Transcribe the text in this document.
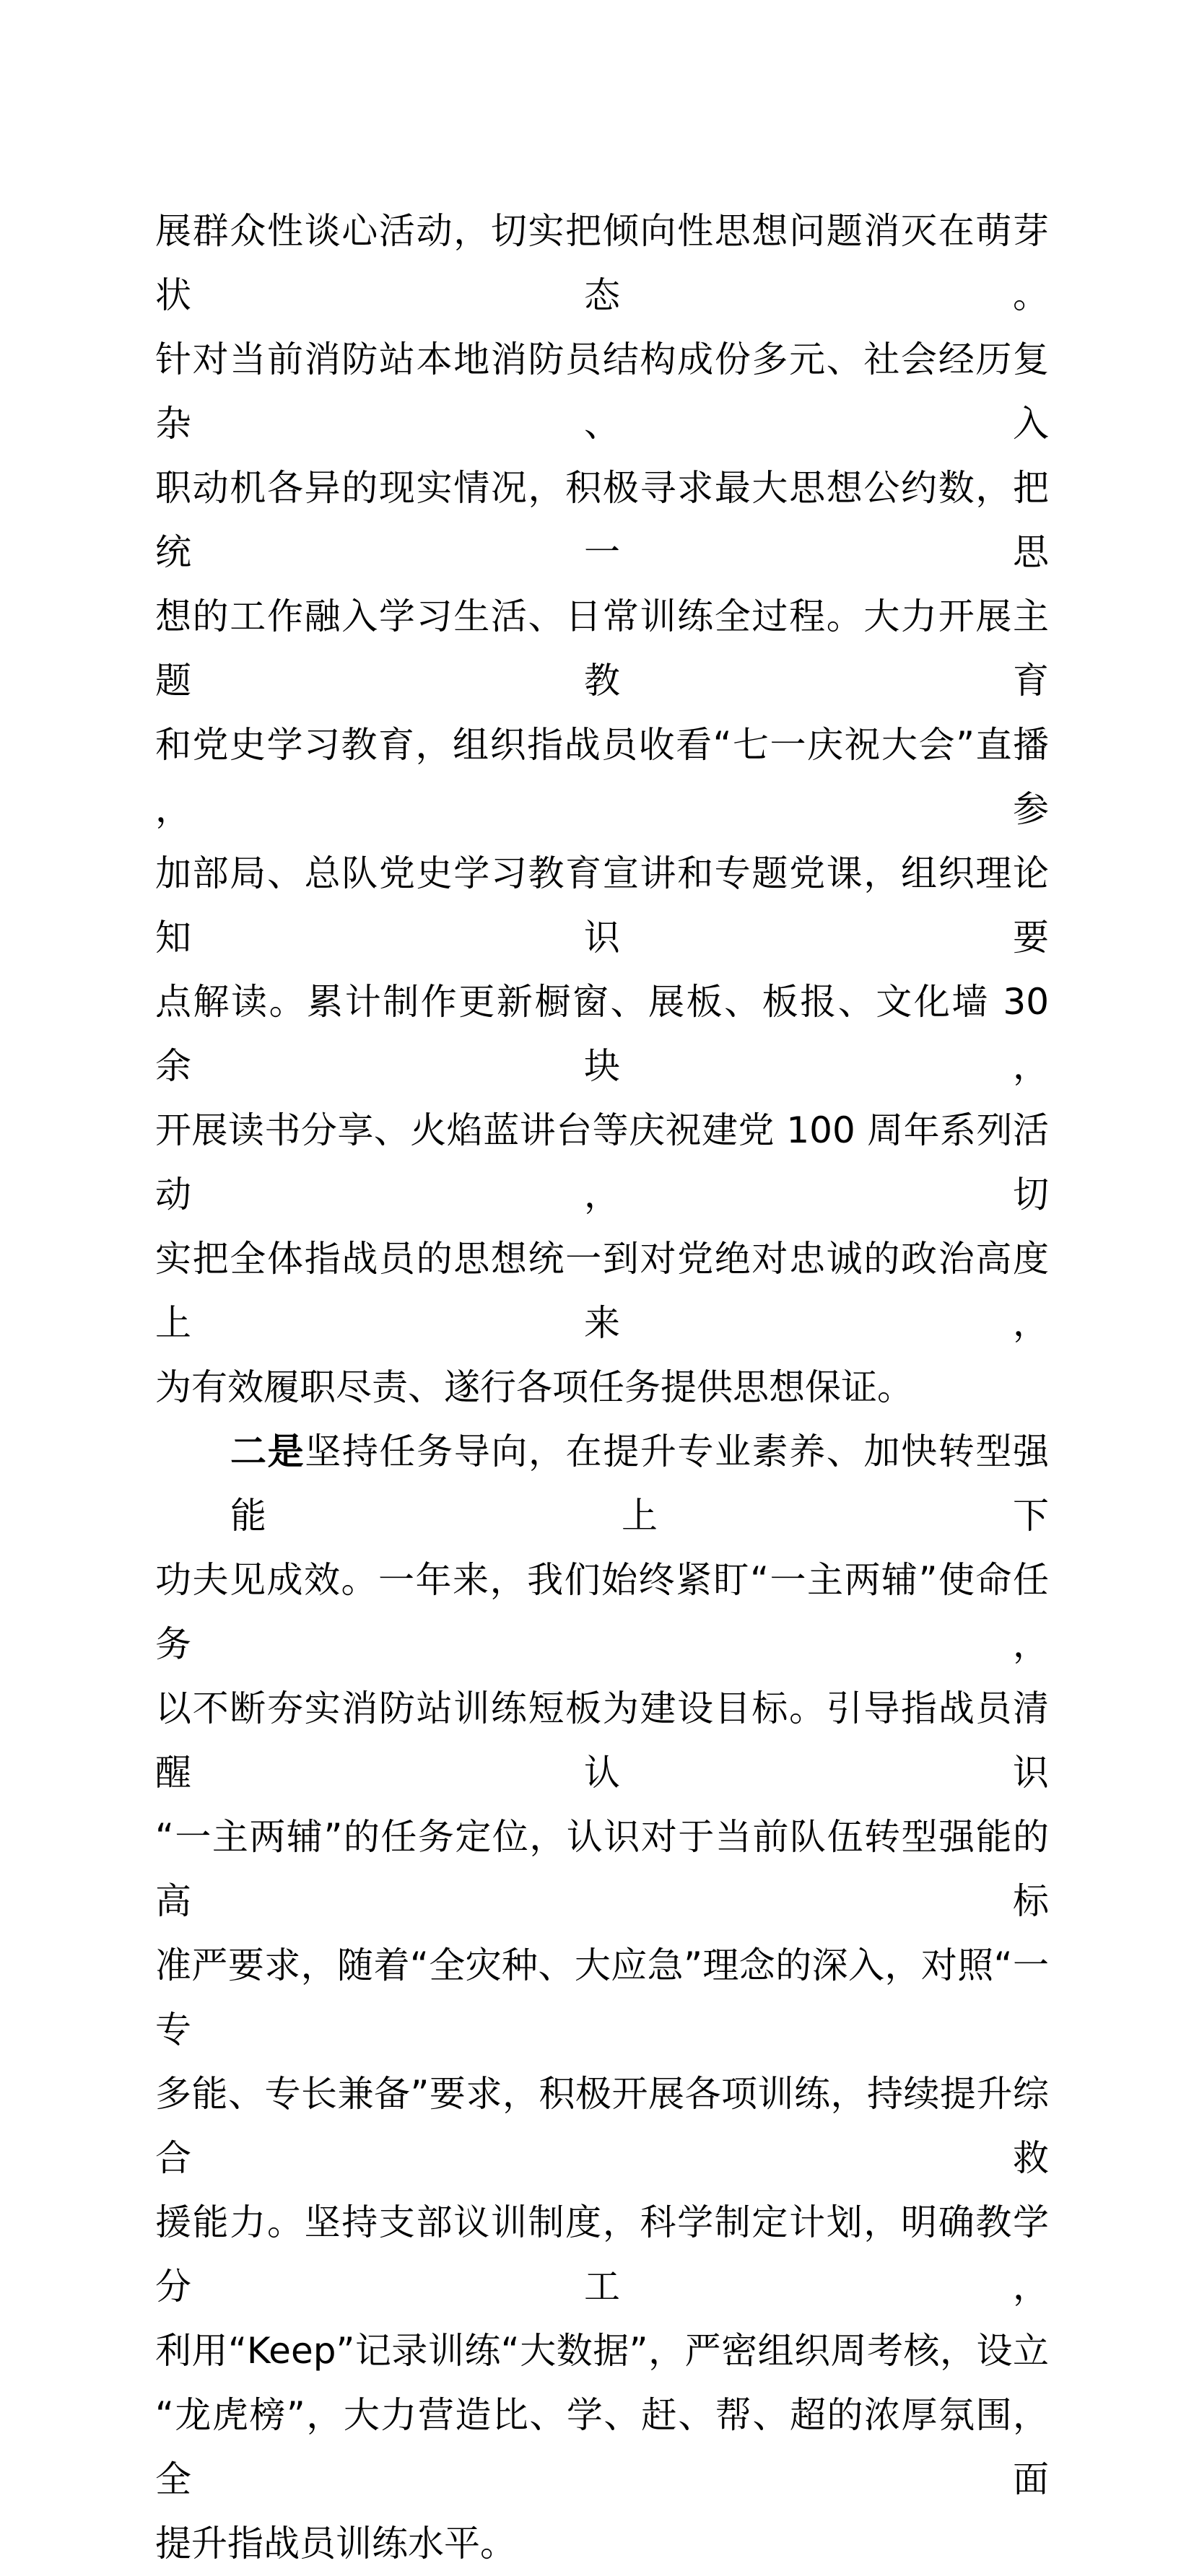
展群众性谈心活动，切实把倾向性思想问题消灭在萌芽状态。
针对当前消防站本地消防员结构成份多元、社会经历复杂、入
职动机各异的现实情况，积极寻求最大思想公约数，把统一思
想的工作融入学习生活、日常训练全过程。大力开展主题教育
和党史学习教育，组织指战员收看“七一庆祝大会”直播，参
加部局、总队党史学习教育宣讲和专题党课，组织理论知识要
点解读。累计制作更新橱窗、展板、板报、文化墙 30 余块，
开展读书分享、火焰蓝讲台等庆祝建党 100 周年系列活动，切
实把全体指战员的思想统一到对党绝对忠诚的政治高度上来，
为有效履职尽责、遂行各项任务提供思想保证。
二是坚持任务导向，在提升专业素养、加快转型强能上下
功夫见成效。一年来，我们始终紧盯“一主两辅”使命任务，
以不断夯实消防站训练短板为建设目标。引导指战员清醒认识
“一主两辅”的任务定位，认识对于当前队伍转型强能的高标
准严要求，随着“全灾种、大应急”理念的深入，对照“一专
多能、专长兼备”要求，积极开展各项训练，持续提升综合救
援能力。坚持支部议训制度，科学制定计划，明确教学分工，
利用“Keep”记录训练“大数据”，严密组织周考核，设立
“龙虎榜”，大力营造比、学、赶、帮、超的浓厚氛围，全面
提升指战员训练水平。
